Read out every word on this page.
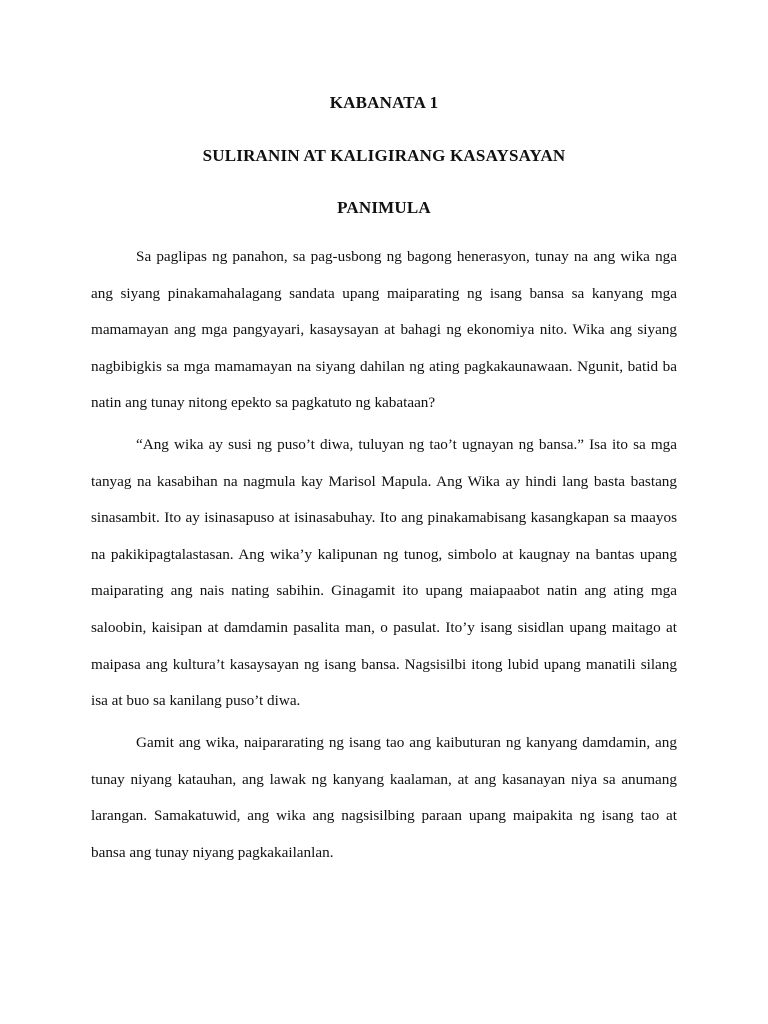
KABANATA 1
SULIRANIN AT KALIGIRANG KASAYSAYAN
PANIMULA

Sa paglipas ng panahon, sa pag-usbong ng bagong henerasyon, tunay na ang wika nga ang siyang pinakamahalagang sandata upang maiparating ng isang bansa sa kanyang mga mamamayan ang mga pangyayari, kasaysayan at bahagi ng ekonomiya nito. Wika ang siyang nagbibigkis sa mga mamamayan na siyang dahilan ng ating pagkakaunawaan. Ngunit, batid ba natin ang tunay nitong epekto sa pagkatuto ng kabataan?

“Ang wika ay susi ng puso’t diwa, tuluyan ng tao’t ugnayan ng bansa.” Isa ito sa mga tanyag na kasabihan na nagmula kay Marisol Mapula. Ang Wika ay hindi lang basta bastang sinasambit. Ito ay isinasapuso at isinasabuhay. Ito ang pinakamabisang kasangkapan sa maayos na pakikipagtalastasan. Ang wika’y kalipunan ng tunog, simbolo at kaugnay na bantas upang maiparating ang nais nating sabihin. Ginagamit ito upang maiapaabot natin ang ating mga saloobin, kaisipan at damdamin pasalita man, o pasulat. Ito’y isang sisidlan upang maitago at maipasa ang kultura’t kasaysayan ng isang bansa. Nagsisilbi itong lubid upang manatili silang isa at buo sa kanilang puso’t diwa.

Gamit ang wika, naipararating ng isang tao ang kaibuturan ng kanyang damdamin, ang tunay niyang katauhan, ang lawak ng kanyang kaalaman, at ang kasanayan niya sa anumang larangan. Samakatuwid, ang wika ang nagsisilbing paraan upang maipakita ng isang tao at bansa ang tunay niyang pagkakailanlan.
